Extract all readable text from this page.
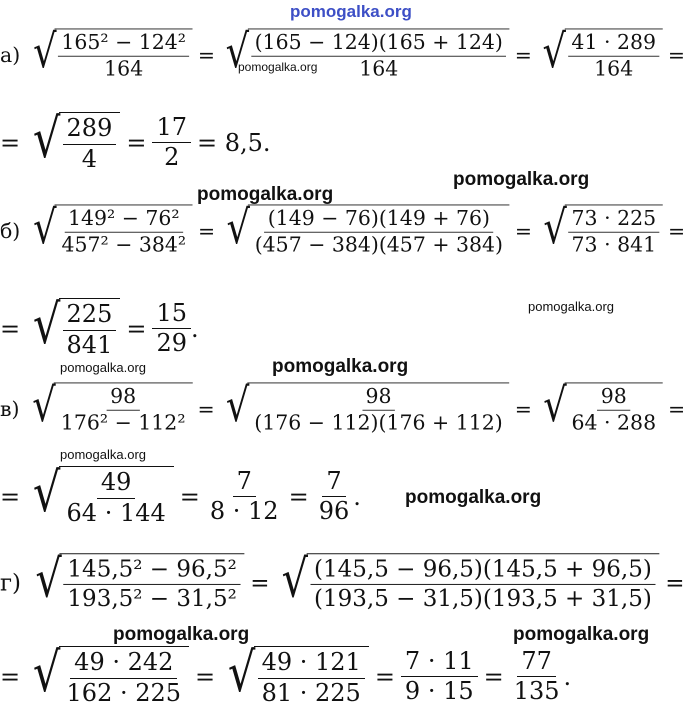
pomogalka.org
pomogalka.org
pomogalka.org
pomogalka.org
pomogalka.org
pomogalka.org	pomogalka.org
pomogalka.org
pomogalka.org
pomogalka.org	pomogalka.org
а) √ $\frac{\text{165² − 124²}}{164}$ = √ $\frac{(165 - 124)(165 + 124)}{164}$ = √ $\frac{41 \cdot 289}{164}$ =
= √ $\frac{289}{4} = \frac{17}{2} = 8,5$.
б) √ $\frac{\text{149² − 76²}}{\text{457² − 384²}}$ = √ $\frac{(149 - 76)(149 + 76)}{(457 - 384)(457 + 384)}$ = √ $\frac{73 \cdot 225}{73 \cdot 841}$ =
= √ $\frac{225}{841} = \frac{15}{29}$ .
в) √ $\frac{98}{\text{176² − 112²}}$ = √ $\frac{98}{(176 - 112)(176 + 112)}$ = √ $\frac{98}{64 \cdot 288}$ =
= √ $\frac{49}{64 \cdot 144} = \frac{7}{8 \cdot 12} = \frac{7}{96}$ .
г) √ $\frac{\text{145,5² − 96,5²}}{\text{193,5² − 31,5²}}$ = √ $\frac{(145,5 - 96,5)(145,5 + 96,5)}{(193,5 - 31,5)(193,5 + 31,5)}$ =
= √ $\frac{49 \cdot 242}{162 \cdot 225}$ = √ $\frac{49 \cdot 121}{81 \cdot 225} = \frac{7 \cdot 11}{9 \cdot 15} = \frac{77}{135}$ .
